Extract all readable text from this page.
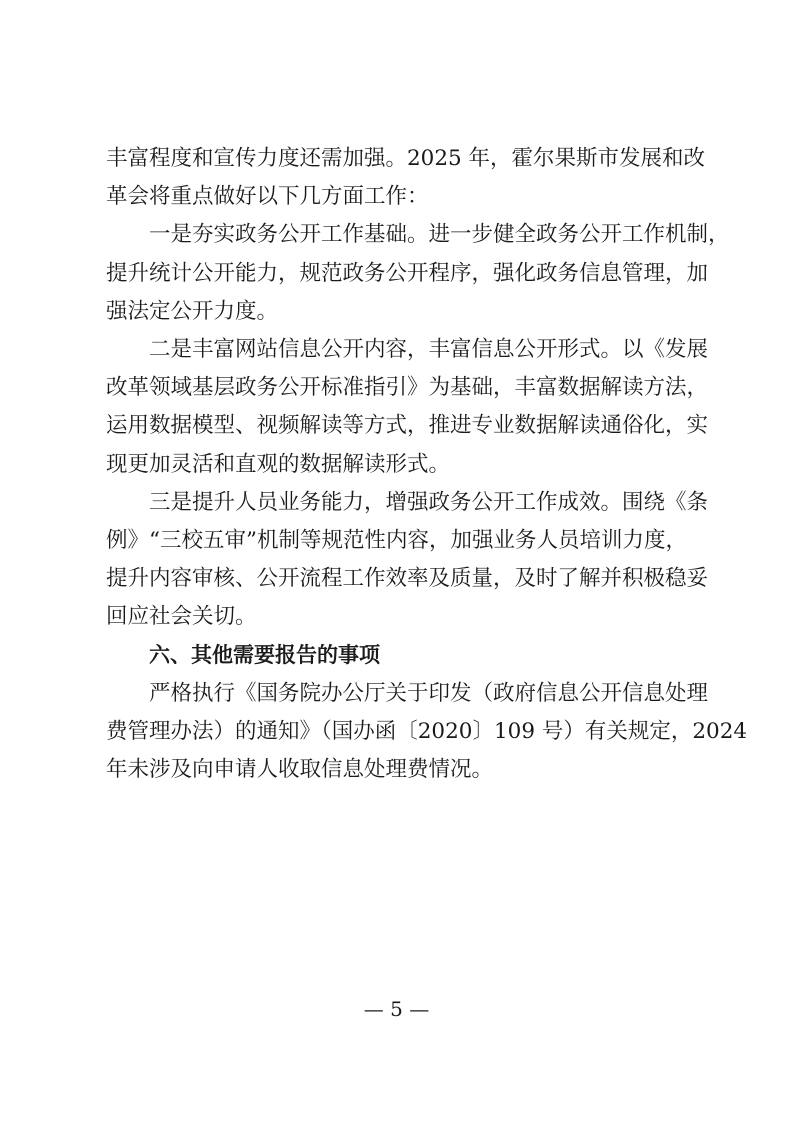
丰富程度和宣传力度还需加强。2025 年，霍尔果斯市发展和改
革会将重点做好以下几方面工作：
一是夯实政务公开工作基础。进一步健全政务公开工作机制，
提升统计公开能力，规范政务公开程序，强化政务信息管理，加
强法定公开力度。
二是丰富网站信息公开内容，丰富信息公开形式。以《发展
改革领域基层政务公开标准指引》为基础，丰富数据解读方法，
运用数据模型、视频解读等方式，推进专业数据解读通俗化，实
现更加灵活和直观的数据解读形式。
三是提升人员业务能力，增强政务公开工作成效。围绕《条
例》“三校五审”机制等规范性内容，加强业务人员培训力度，
提升内容审核、公开流程工作效率及质量，及时了解并积极稳妥
回应社会关切。
六、其他需要报告的事项
严格执行《国务院办公厅关于印发（政府信息公开信息处理
费管理办法）的通知》（国办函〔2020〕109 号）有关规定，2024
年未涉及向申请人收取信息处理费情况。
— 5 —
